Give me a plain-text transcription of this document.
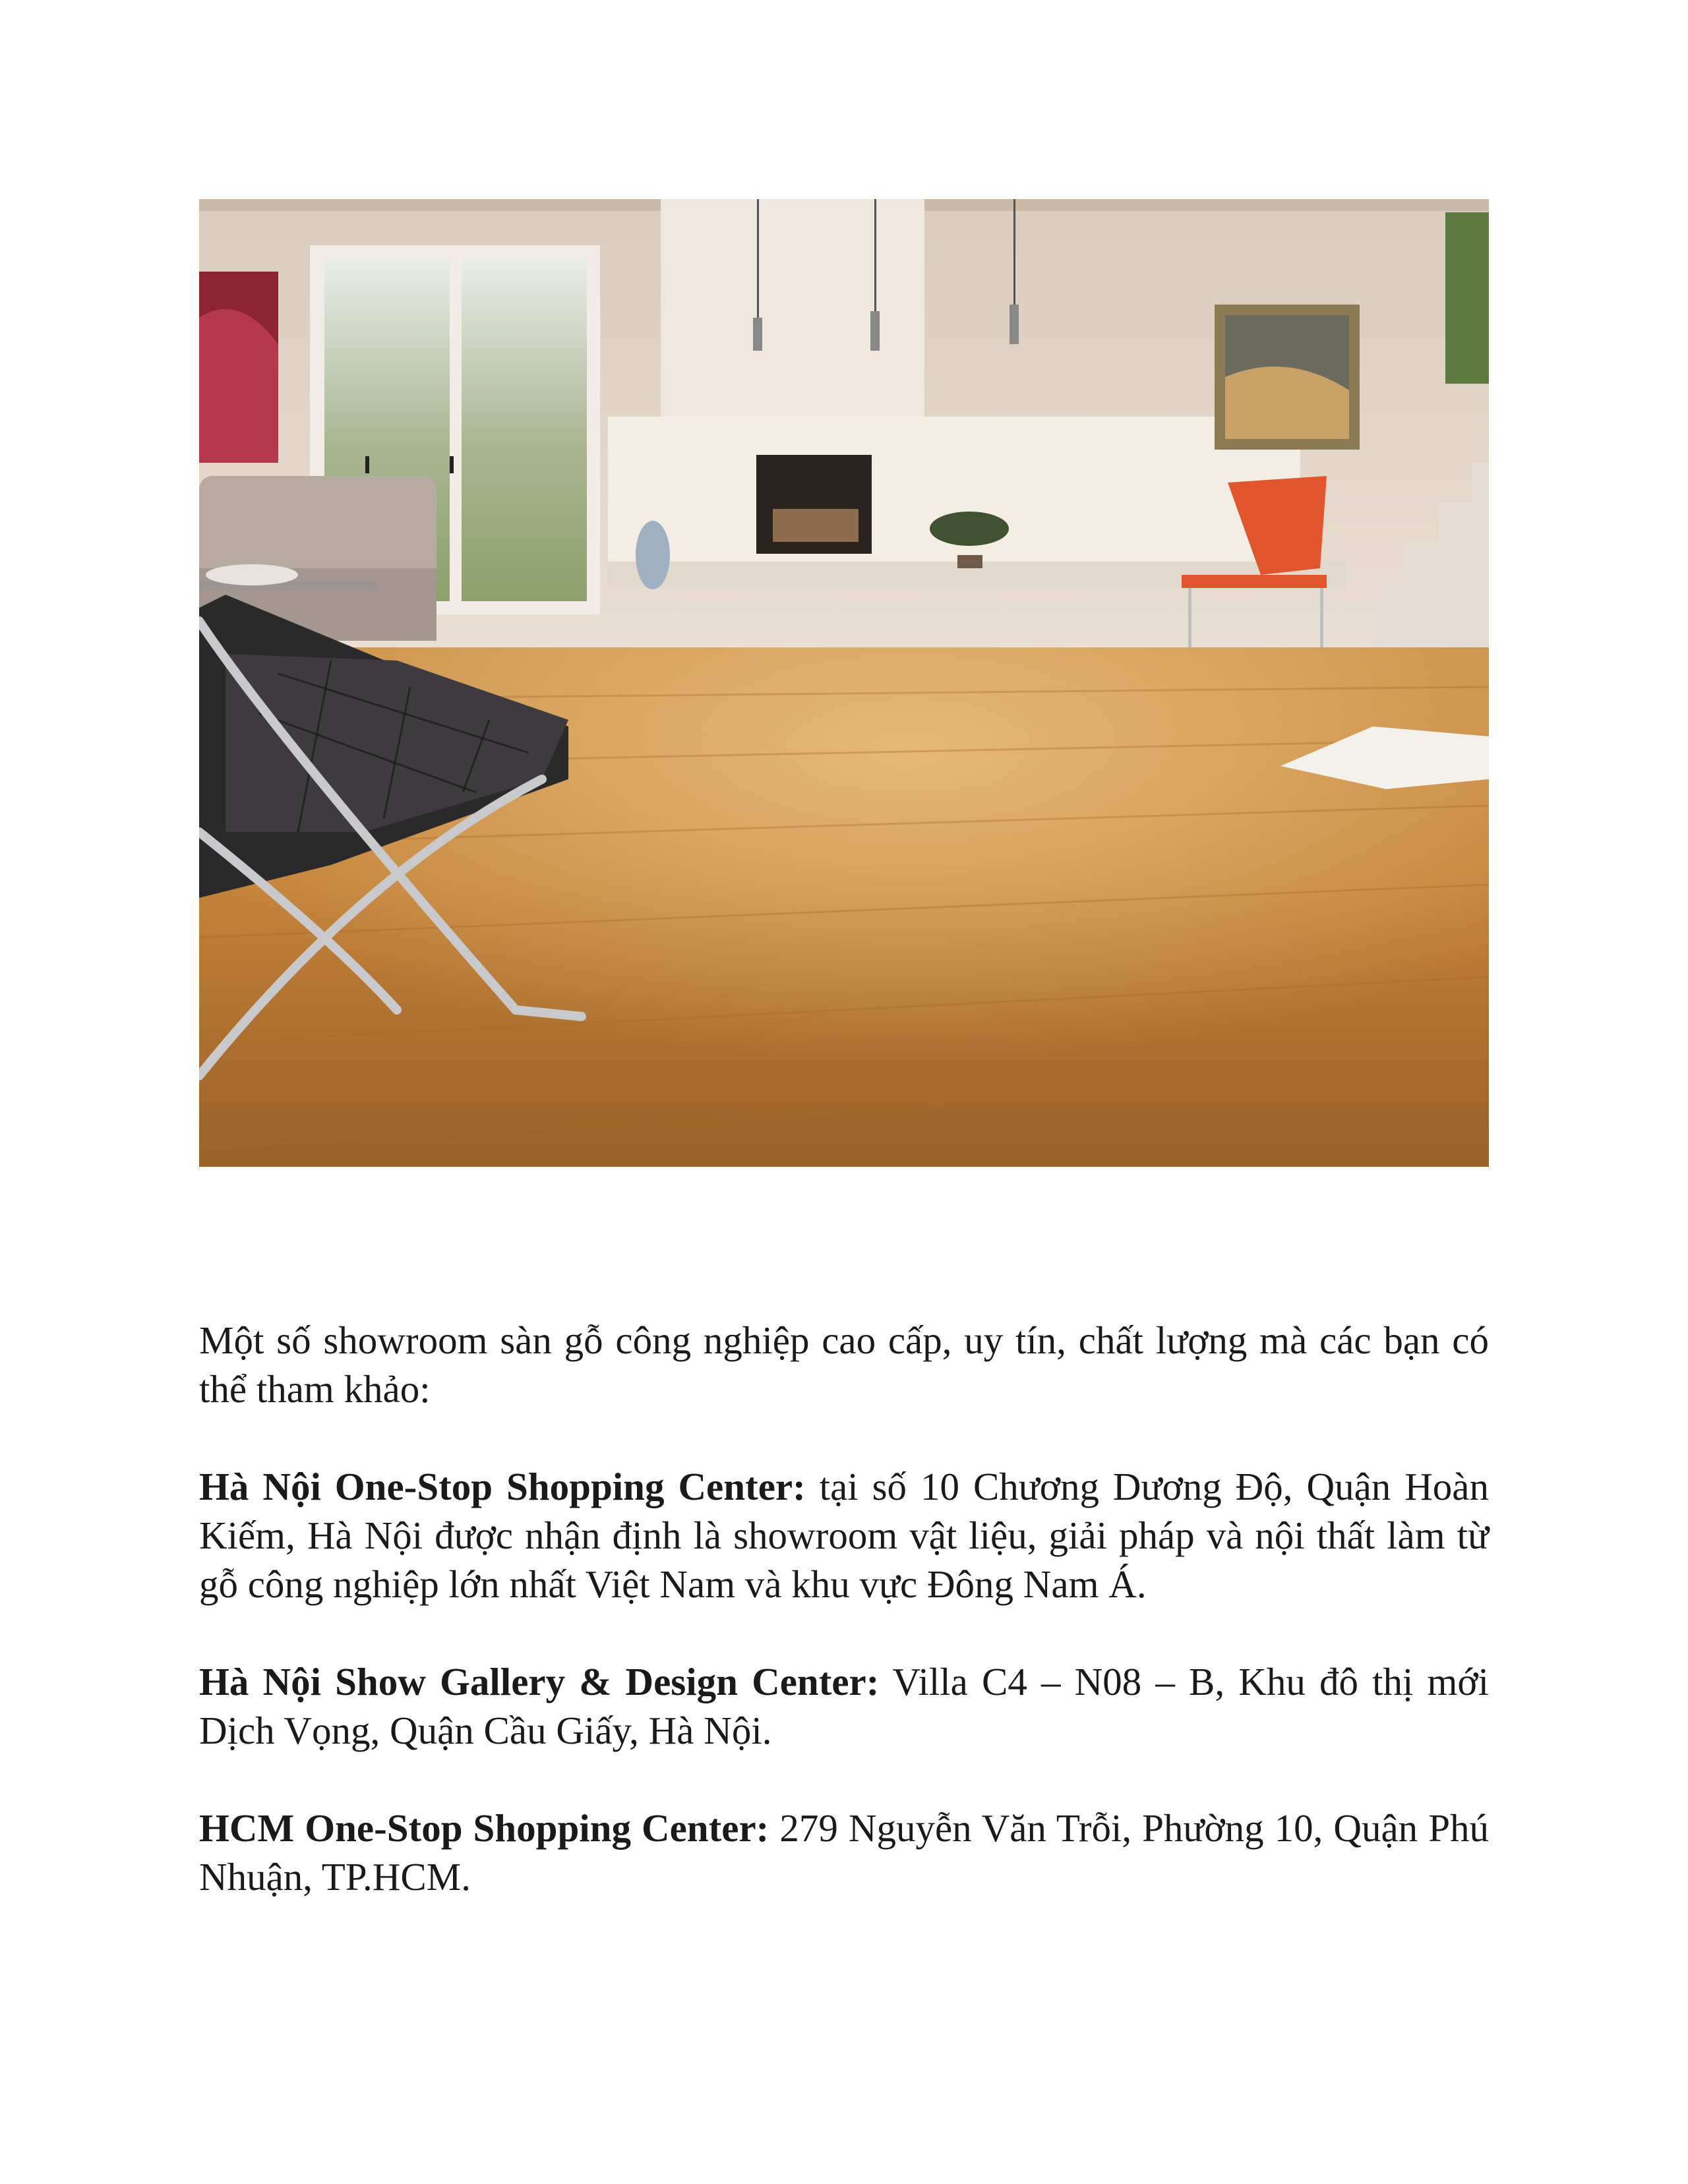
Một số showroom sàn gỗ công nghiệp cao cấp, uy tín, chất lượng mà các bạn có thể tham khảo:

Hà Nội One-Stop Shopping Center: tại số 10 Chương Dương Độ, Quận Hoàn Kiếm, Hà Nội được nhận định là showroom vật liệu, giải pháp và nội thất làm từ gỗ công nghiệp lớn nhất Việt Nam và khu vực Đông Nam Á.

Hà Nội Show Gallery & Design Center: Villa C4 – N08 – B, Khu đô thị mới Dịch Vọng, Quận Cầu Giấy, Hà Nội.

HCM One-Stop Shopping Center: 279 Nguyễn Văn Trỗi, Phường 10, Quận Phú Nhuận, TP.HCM.
